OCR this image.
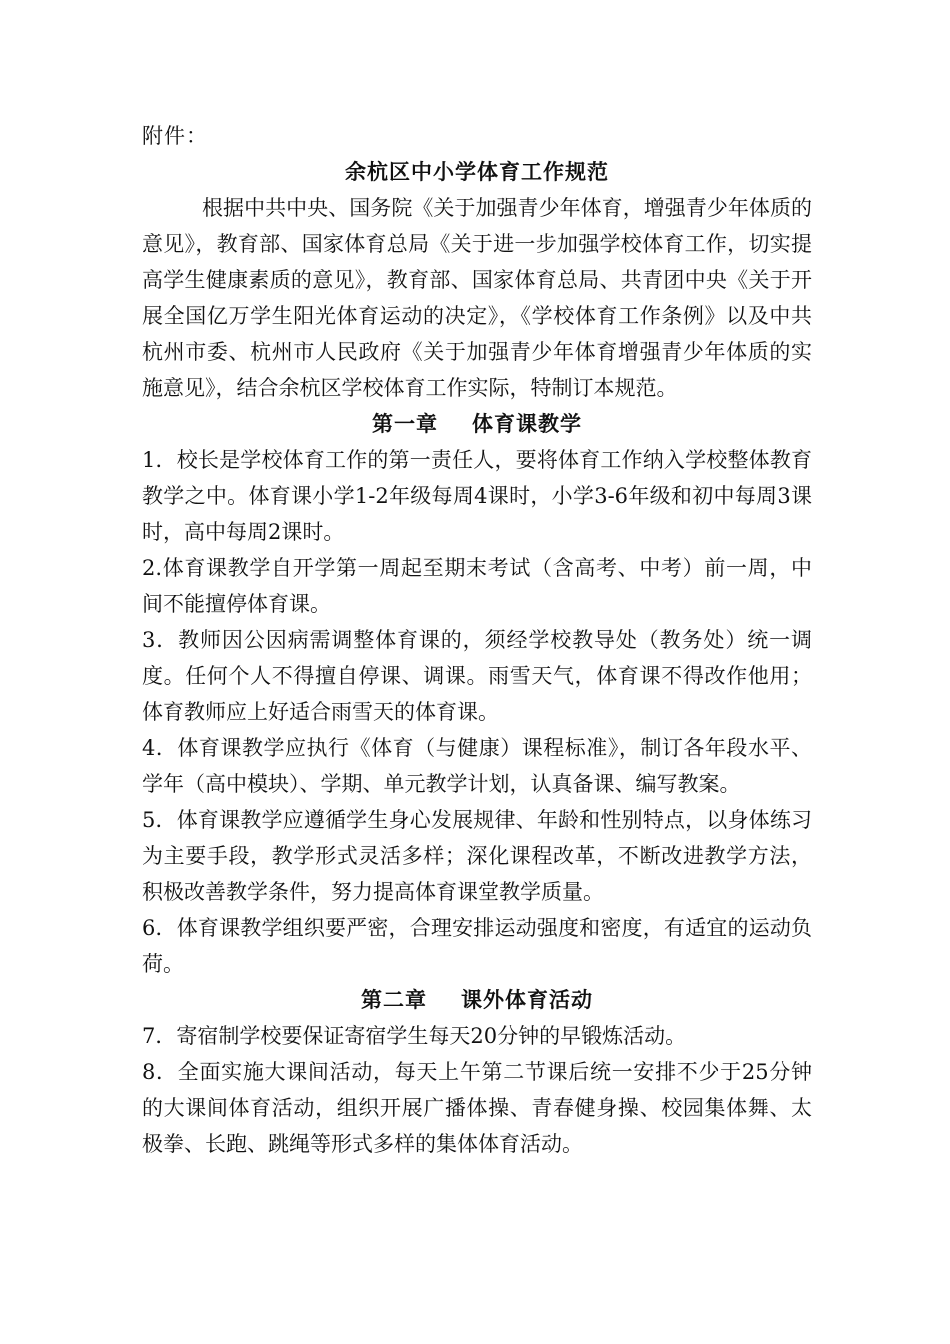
附件：

余杭区中小学体育工作规范

根据中共中央、国务院《关于加强青少年体育，增强青少年体质的意见》，教育部、国家体育总局《关于进一步加强学校体育工作，切实提高学生健康素质的意见》，教育部、国家体育总局、共青团中央《关于开展全国亿万学生阳光体育运动的决定》，《学校体育工作条例》以及中共杭州市委、杭州市人民政府《关于加强青少年体育增强青少年体质的实施意见》，结合余杭区学校体育工作实际，特制订本规范。

第一章 体育课教学

1．校长是学校体育工作的第一责任人，要将体育工作纳入学校整体教育教学之中。体育课小学1-2年级每周4课时，小学3-6年级和初中每周3课时，高中每周2课时。

2.体育课教学自开学第一周起至期末考试（含高考、中考）前一周，中间不能擅停体育课。

3．教师因公因病需调整体育课的，须经学校教导处（教务处）统一调度。任何个人不得擅自停课、调课。雨雪天气，体育课不得改作他用；体育教师应上好适合雨雪天的体育课。

4．体育课教学应执行《体育（与健康）课程标准》，制订各年段水平、学年（高中模块）、学期、单元教学计划，认真备课、编写教案。

5．体育课教学应遵循学生身心发展规律、年龄和性别特点，以身体练习为主要手段，教学形式灵活多样；深化课程改革，不断改进教学方法，积极改善教学条件，努力提高体育课堂教学质量。

6．体育课教学组织要严密，合理安排运动强度和密度，有适宜的运动负荷。

第二章 课外体育活动

7．寄宿制学校要保证寄宿学生每天20分钟的早锻炼活动。

8．全面实施大课间活动，每天上午第二节课后统一安排不少于25分钟的大课间体育活动，组织开展广播体操、青春健身操、校园集体舞、太极拳、长跑、跳绳等形式多样的集体体育活动。
